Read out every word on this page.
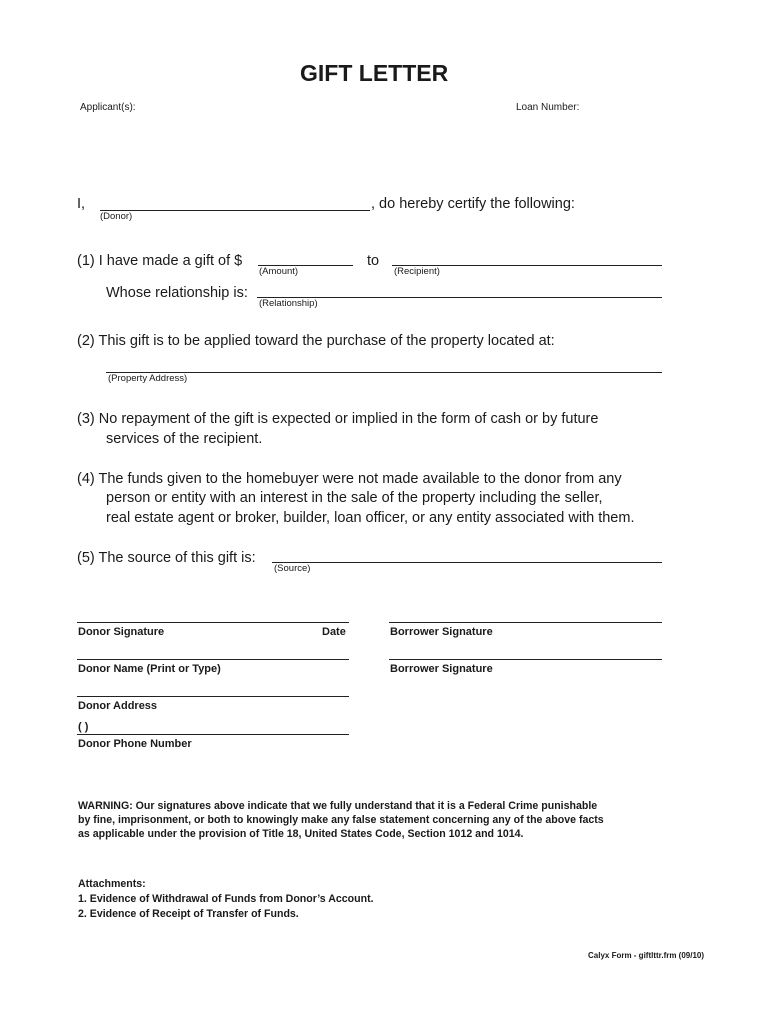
GIFT LETTER
Applicant(s):	Loan Number:
I,
(Donor)
, do hereby certify the following:
(1) I have made a gift of $
(Amount)
to
(Recipient)
Whose relationship is:
(Relationship)
(2) This gift is to be applied toward the purchase of the property located at:
(Property Address)
(3) No repayment of the gift is expected or implied in the form of cash or by future
services of the recipient.
(4) The funds given to the homebuyer were not made available to the donor from any
person or entity with an interest in the sale of the property including the seller,
real estate agent or broker, builder, loan officer, or any entity associated with them.
(5) The source of this gift is:
(Source)
Donor Signature	Date	Borrower Signature
Donor Name (Print or Type)	Borrower Signature
Donor Address
( )
Donor Phone Number
WARNING: Our signatures above indicate that we fully understand that it is a Federal Crime punishable
by fine, imprisonment, or both to knowingly make any false statement concerning any of the above facts
as applicable under the provision of Title 18, United States Code, Section 1012 and 1014.
Attachments:
1. Evidence of Withdrawal of Funds from Donor’s Account.
2. Evidence of Receipt of Transfer of Funds.
Calyx Form - giftlttr.frm (09/10)
